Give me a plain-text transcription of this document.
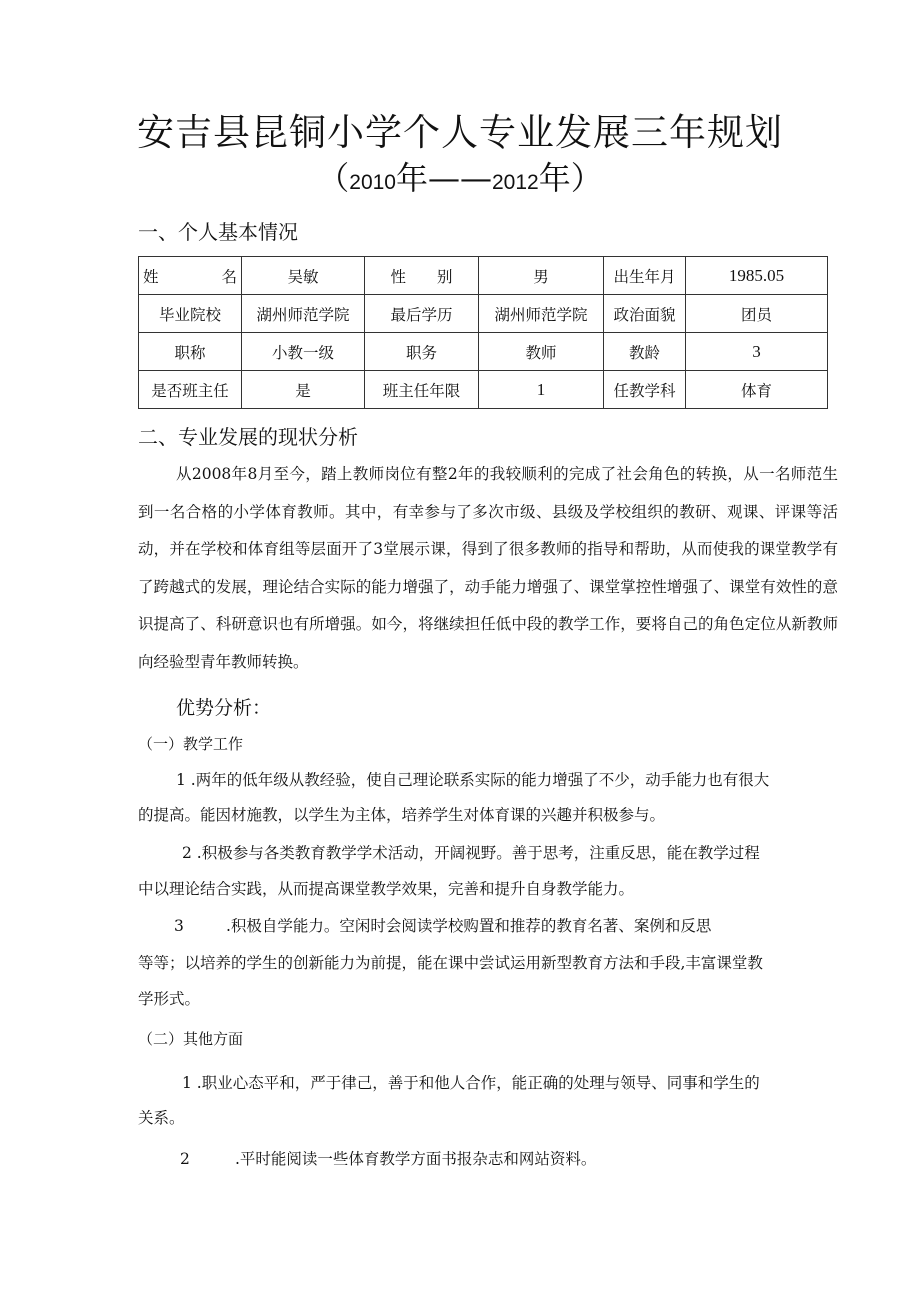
安吉县昆铜小学个人专业发展三年规划
（2010年——2012年）
一、个人基本情况
姓　　名	吴敏	性　　别	男	出生年月	1985.05
毕业院校	湖州师范学院	最后学历	湖州师范学院	政治面貌	团员
职称	小教一级	职务	教师	教龄	3
是否班主任	是	班主任年限	1	任教学科	体育
二、专业发展的现状分析

从2008年8月至今，踏上教师岗位有整2年的我较顺利的完成了社会角色的转换，从一名师范生到一名合格的小学体育教师。其中，有幸参与了多次市级、县级及学校组织的教研、观课、评课等活动，并在学校和体育组等层面开了3堂展示课，得到了很多教师的指导和帮助，从而使我的课堂教学有了跨越式的发展，理论结合实际的能力增强了，动手能力增强了、课堂掌控性增强了、课堂有效性的意识提高了、科研意识也有所增强。如今，将继续担任低中段的教学工作，要将自己的角色定位从新教师向经验型青年教师转换。

优势分析：
（一）教学工作
1 .两年的低年级从教经验，使自己理论联系实际的能力增强了不少，动手能力也有很大
的提高。能因材施教，以学生为主体，培养学生对体育课的兴趣并积极参与。
2 .积极参与各类教育教学学术活动，开阔视野。善于思考，注重反思，能在教学过程
中以理论结合实践，从而提高课堂教学效果，完善和提升自身教学能力。
3	.积极自学能力。空闲时会阅读学校购置和推荐的教育名著、案例和反思
等等；以培养的学生的创新能力为前提，能在课中尝试运用新型教育方法和手段,丰富课堂教
学形式。
（二）其他方面
1 .职业心态平和，严于律己，善于和他人合作，能正确的处理与领导、同事和学生的
关系。
2	.平时能阅读一些体育教学方面书报杂志和网站资料。
